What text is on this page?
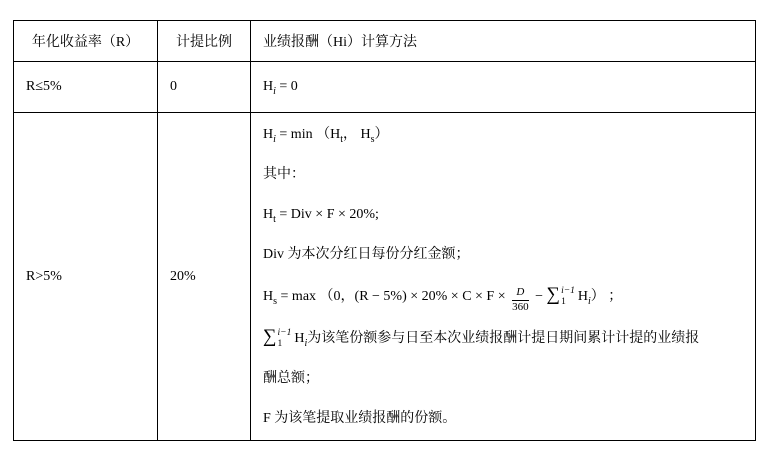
年化收益率（R）	计提比例	业绩报酬（Hi）计算方法
R≤5%	0	$H_i = 0$

R>5%	20%	
$H_i = \min (H_t$， $H_s$）
其中：
$H_t$ = Div × F × 20%;
Div 为本次分红日每份分红金额；
$H_s = \max (0$，$(R - 5\%) \times 20\% \times C \times F \times \frac{D}{360}$ − ∑ i−1
1 $H_i$） ；
∑ i−1
1 $H_i$为该笔份额参与日至本次业绩报酬计提日期间累计计提的业绩报
酬总额；
F 为该笔提取业绩报酬的份额。
